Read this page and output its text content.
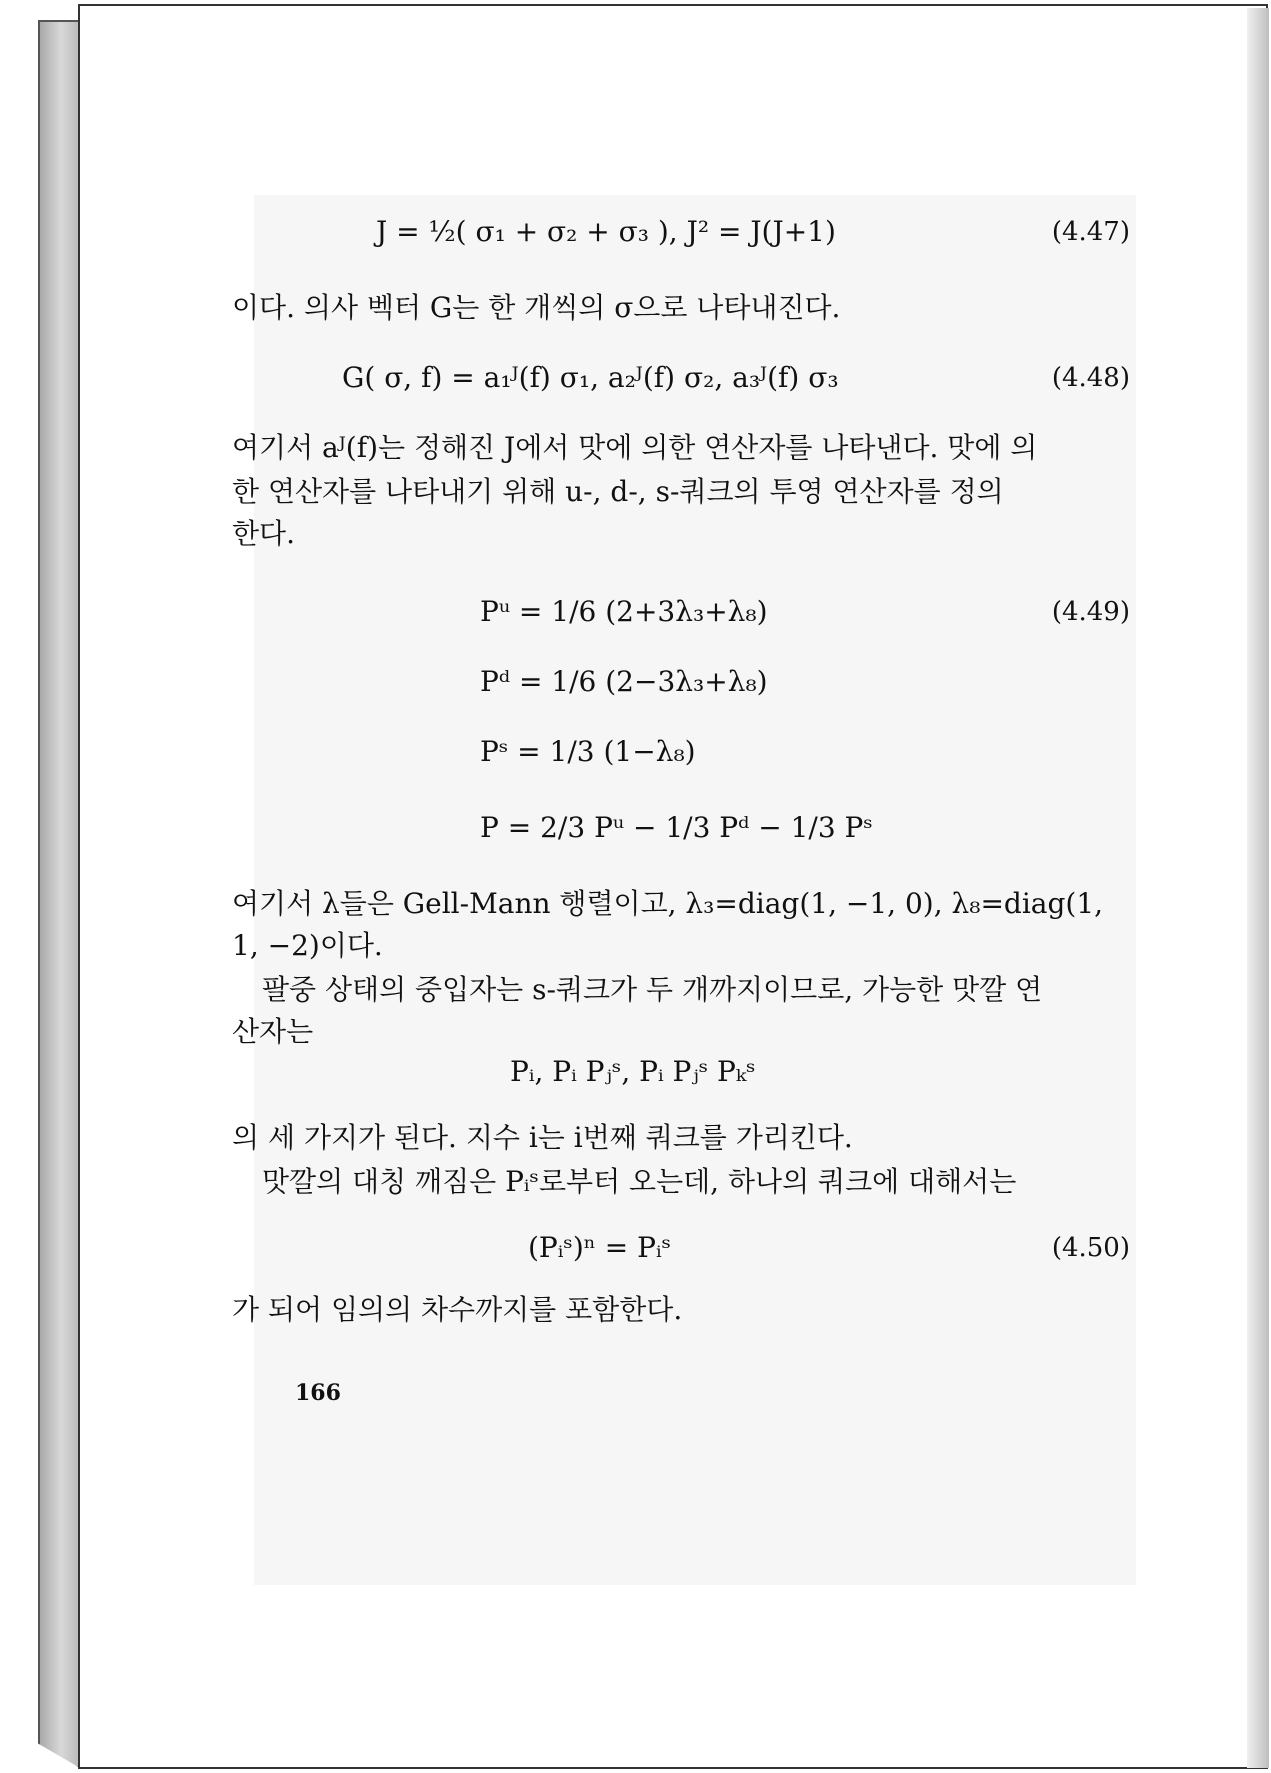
J = ½( σ₁ + σ₂ + σ₃ ), J² = J(J+1)	(4.47)
이다. 의사 벡터 G는 한 개씩의 σ으로 나타내진다.
G( σ, f) = a₁ᴶ(f) σ₁, a₂ᴶ(f) σ₂, a₃ᴶ(f) σ₃	(4.48)
여기서 aᴶ(f)는 정해진 J에서 맛에 의한 연산자를 나타낸다. 맛에 의
한 연산자를 나타내기 위해 u-, d-, s-쿼크의 투영 연산자를 정의
한다.
Pᵘ = 1/6 (2+3λ₃+λ₈)	(4.49)
Pᵈ = 1/6 (2−3λ₃+λ₈)
Pˢ = 1/3 (1−λ₈)
P = 2/3 Pᵘ − 1/3 Pᵈ − 1/3 Pˢ
여기서 λ들은 Gell-Mann 행렬이고, λ₃=diag(1, −1, 0), λ₈=diag(1,
1, −2)이다.
팔중 상태의 중입자는 s-쿼크가 두 개까지이므로, 가능한 맛깔 연
산자는
Pᵢ, Pᵢ Pⱼˢ, Pᵢ Pⱼˢ Pₖˢ
의 세 가지가 된다. 지수 i는 i번째 쿼크를 가리킨다.
맛깔의 대칭 깨짐은 Pᵢˢ로부터 오는데, 하나의 쿼크에 대해서는
(Pᵢˢ)ⁿ = Pᵢˢ	(4.50)
가 되어 임의의 차수까지를 포함한다.
166
